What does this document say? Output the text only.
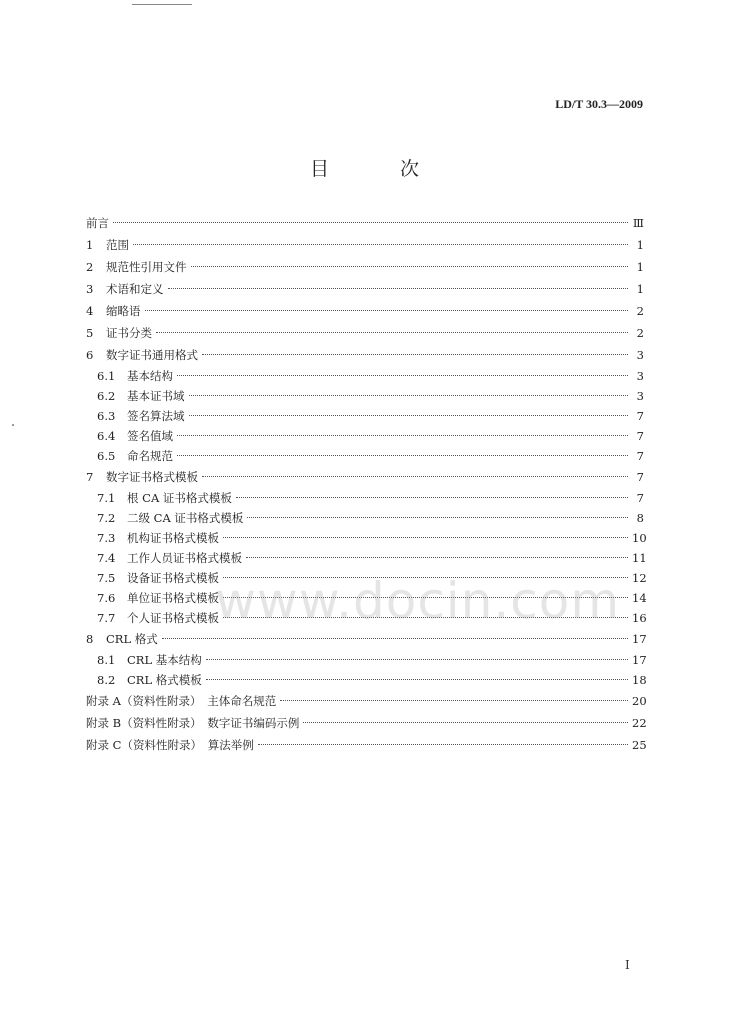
LD/T 30.3—2009
目　次
前言	Ⅲ
1	范围	1
2	规范性引用文件	1
3	术语和定义	1
4	缩略语	2
5	证书分类	2
6	数字证书通用格式	3
6.1	基本结构	3
6.2	基本证书域	3
6.3	签名算法域	7
6.4	签名值域	7
6.5	命名规范	7
7	数字证书格式模板	7
7.1	根 CA 证书格式模板	7
7.2	二级 CA 证书格式模板	8
7.3	机构证书格式模板	10
7.4	工作人员证书格式模板	11
7.5	设备证书格式模板	12
7.6	单位证书格式模板	14
7.7	个人证书格式模板	16
8	CRL 格式	17
8.1	CRL 基本结构	17
8.2	CRL 格式模板	18
附录 A（资料性附录）　主体命名规范	20
附录 B（资料性附录）　数字证书编码示例	22
附录 C（资料性附录）　算法举例	25
www.docin.com
I
